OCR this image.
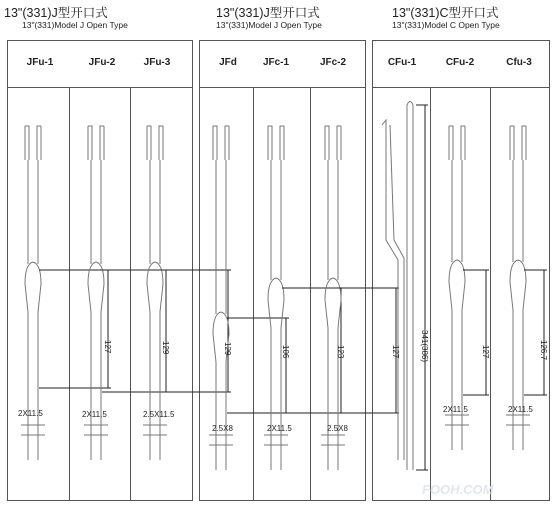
13"(331)J型开口式
13"(331)Model J Open Type
13"(331)J型开口式
13"(331)Model J Open Type
13"(331)C型开口式
13"(331)Model C Open Type
JFu-1	JFu-2	JFu-3	JFd	JFc-1	JFc-2	CFu-1	CFu-2	Cfu-3
127	129	129	106	123	127	341(386)	127	126.7
2X11.5	2X11.5	2.5X11.5
2.5X8	2X11.5	2.5X8
2X11.5	2X11.5
FOOH.COM
